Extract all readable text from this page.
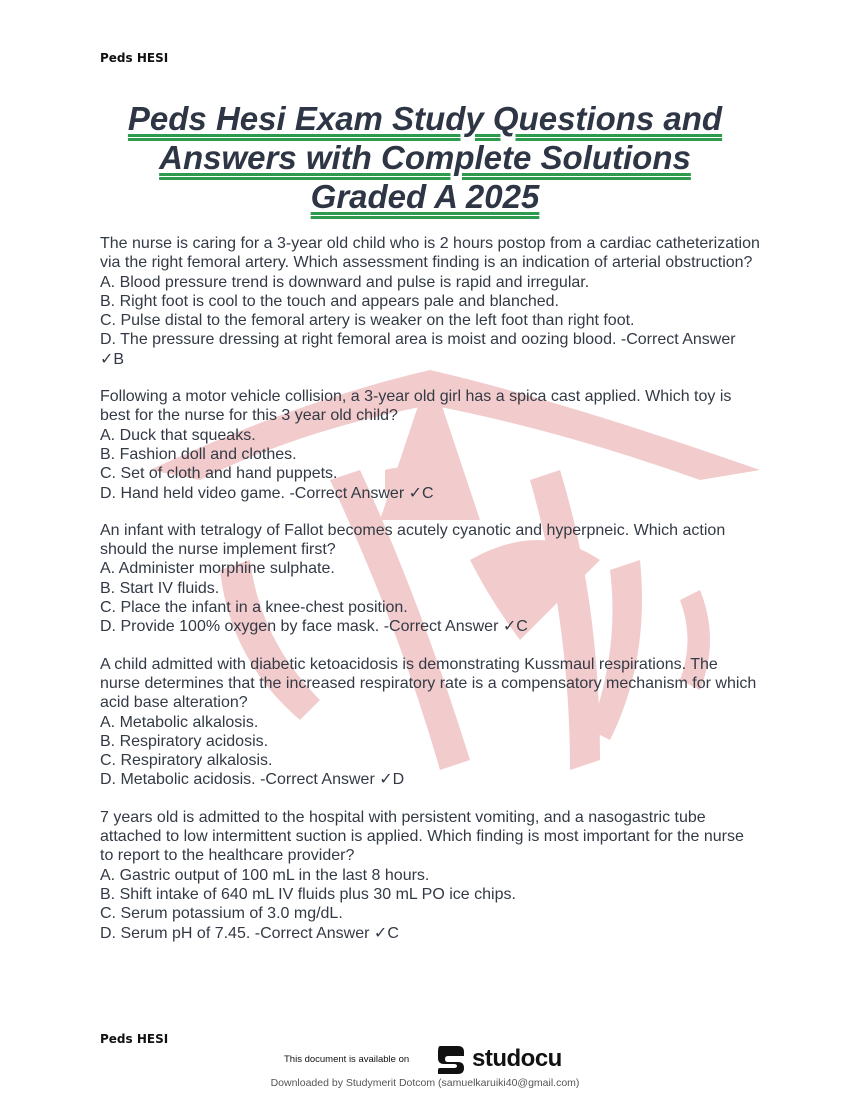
Peds HESI
Peds Hesi Exam Study Questions and
Answers with Complete Solutions
Graded A 2025
The nurse is caring for a 3-year old child who is 2 hours postop from a cardiac catheterization via the right femoral artery. Which assessment finding is an indication of arterial obstruction?
A. Blood pressure trend is downward and pulse is rapid and irregular.
B. Right foot is cool to the touch and appears pale and blanched.
C. Pulse distal to the femoral artery is weaker on the left foot than right foot.
D. The pressure dressing at right femoral area is moist and oozing blood. -Correct Answer ✓B
Following a motor vehicle collision, a 3-year old girl has a spica cast applied. Which toy is best for the nurse for this 3 year old child?
A. Duck that squeaks.
B. Fashion doll and clothes.
C. Set of cloth and hand puppets.
D. Hand held video game. -Correct Answer ✓C
An infant with tetralogy of Fallot becomes acutely cyanotic and hyperpneic. Which action should the nurse implement first?
A. Administer morphine sulphate.
B. Start IV fluids.
C. Place the infant in a knee-chest position.
D. Provide 100% oxygen by face mask. -Correct Answer ✓C
A child admitted with diabetic ketoacidosis is demonstrating Kussmaul respirations. The nurse determines that the increased respiratory rate is a compensatory mechanism for which acid base alteration?
A. Metabolic alkalosis.
B. Respiratory acidosis.
C. Respiratory alkalosis.
D. Metabolic acidosis. -Correct Answer ✓D
7 years old is admitted to the hospital with persistent vomiting, and a nasogastric tube attached to low intermittent suction is applied. Which finding is most important for the nurse to report to the healthcare provider?
A. Gastric output of 100 mL in the last 8 hours.
B. Shift intake of 640 mL IV fluids plus 30 mL PO ice chips.
C. Serum potassium of 3.0 mg/dL.
D. Serum pH of 7.45. -Correct Answer ✓C
Peds HESI
This document is available on	studocu
Downloaded by Studymerit Dotcom (samuelkaruiki40@gmail.com)
